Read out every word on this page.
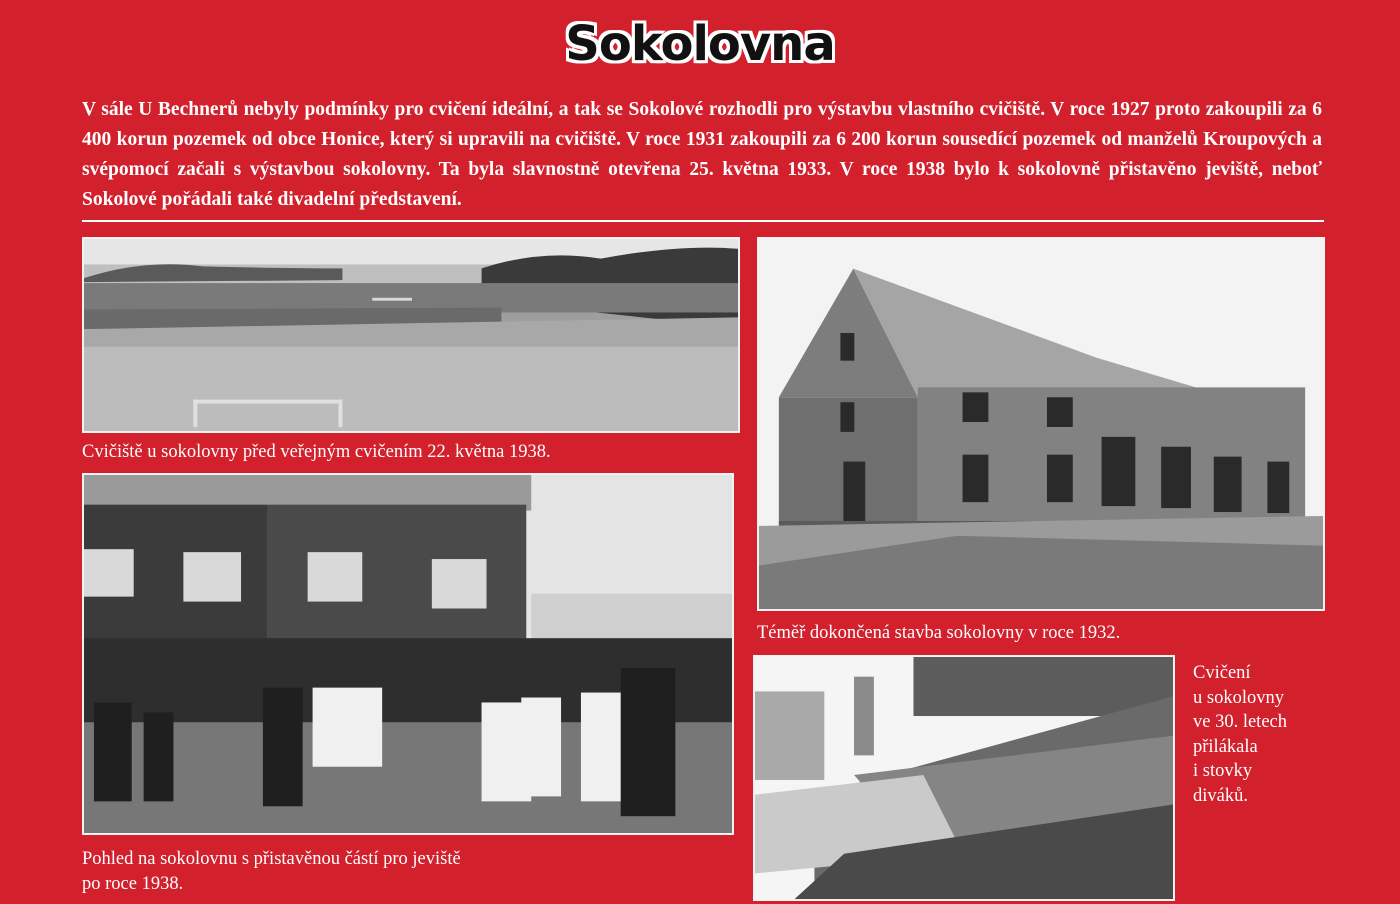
Sokolovna

V sále U Bechnerů nebyly podmínky pro cvičení ideální, a tak se Sokolové rozhodli pro výstavbu vlastního cvičiště. V roce 1927 proto zakoupili za 6 400 korun pozemek od obce Honice, který si upravili na cvičiště. V roce 1931 zakoupili za 6 200 korun sousedící pozemek od manželů Kroupových a svépomocí začali s výstavbou sokolovny. Ta byla slavnostně otevřena 25. května 1933. V roce 1938 bylo k sokolovně přistavěno jeviště, neboť Sokolové pořádali také divadelní představení.

Cvičiště u sokolovny před veřejným cvičením 22. května 1938.

Téměř dokončená stavba sokolovny v roce 1932.

Pohled na sokolovnu s přistavěnou částí pro jeviště

po roce 1938.

Cvičení
u sokolovny
ve 30. letech
přilákala
i stovky
diváků.
